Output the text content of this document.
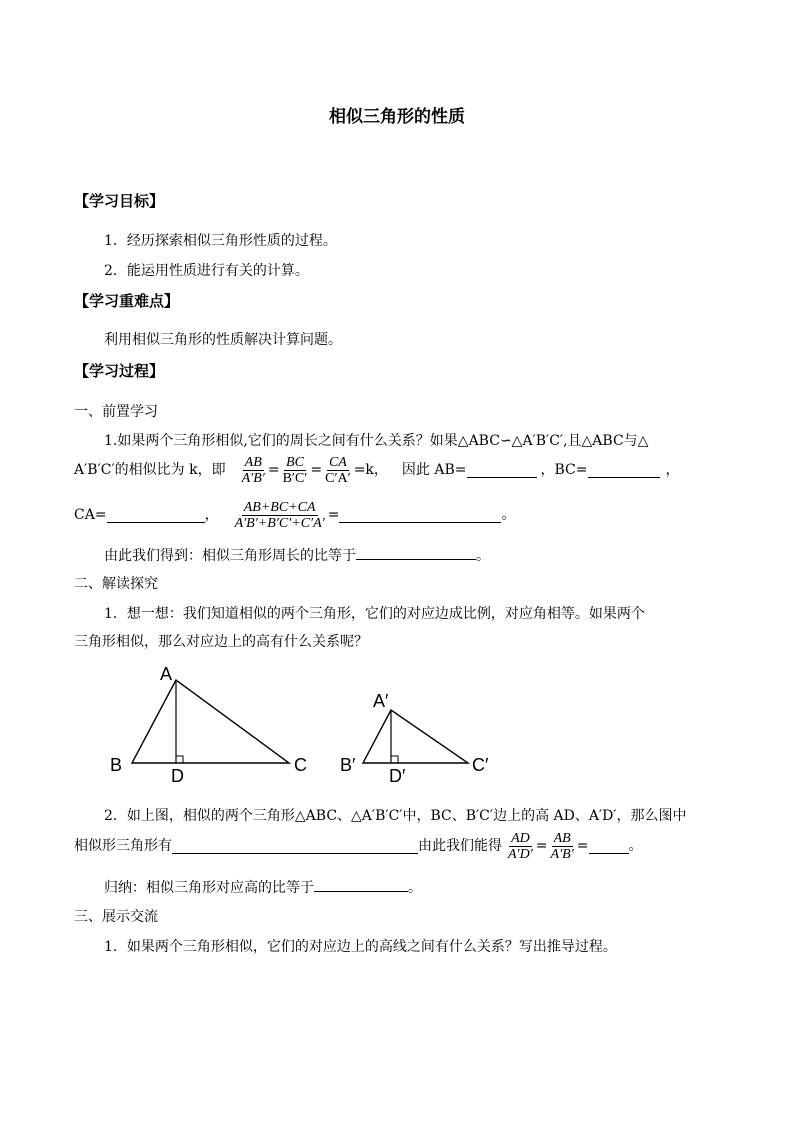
相似三角形的性质
【学习目标】
1．经历探索相似三角形性质的过程。
2．能运用性质进行有关的计算。
【学习重难点】
利用相似三角形的性质解决计算问题。
【学习过程】
一、前置学习
1.如果两个三角形相似,它们的周长之间有什么关系？如果△ABC∽△A′B′C′,且△ABC与△
A′B′C′的相似比为 k，即 $\frac{AB}{A'B'} = \frac{BC}{B'C'} = \frac{CA}{C'A'} =k$， 因此 AB=	，BC=	，
CA=	， $\frac{AB+BC+CA}{A'B'+B'C'+C'A'}$ =	。
由此我们得到：相似三角形周长的比等于	。
二、解读探究
1．想一想：我们知道相似的两个三角形，它们的对应边成比例，对应角相等。如果两个
三角形相似，那么对应边上的高有什么关系呢？
A
B	C
D
A′
B′	C′
D′
2．如上图，相似的两个三角形△ABC、△A′B′C′中，BC、B′C′边上的高 AD、A′D′，那么图中
相似形三角形有	由此我们能得 $\frac{AD}{A'D'} = \frac{AB}{A'B'}$ =	。
归纳：相似三角形对应高的比等于	。
三、展示交流
1．如果两个三角形相似，它们的对应边上的高线之间有什么关系？写出推导过程。
